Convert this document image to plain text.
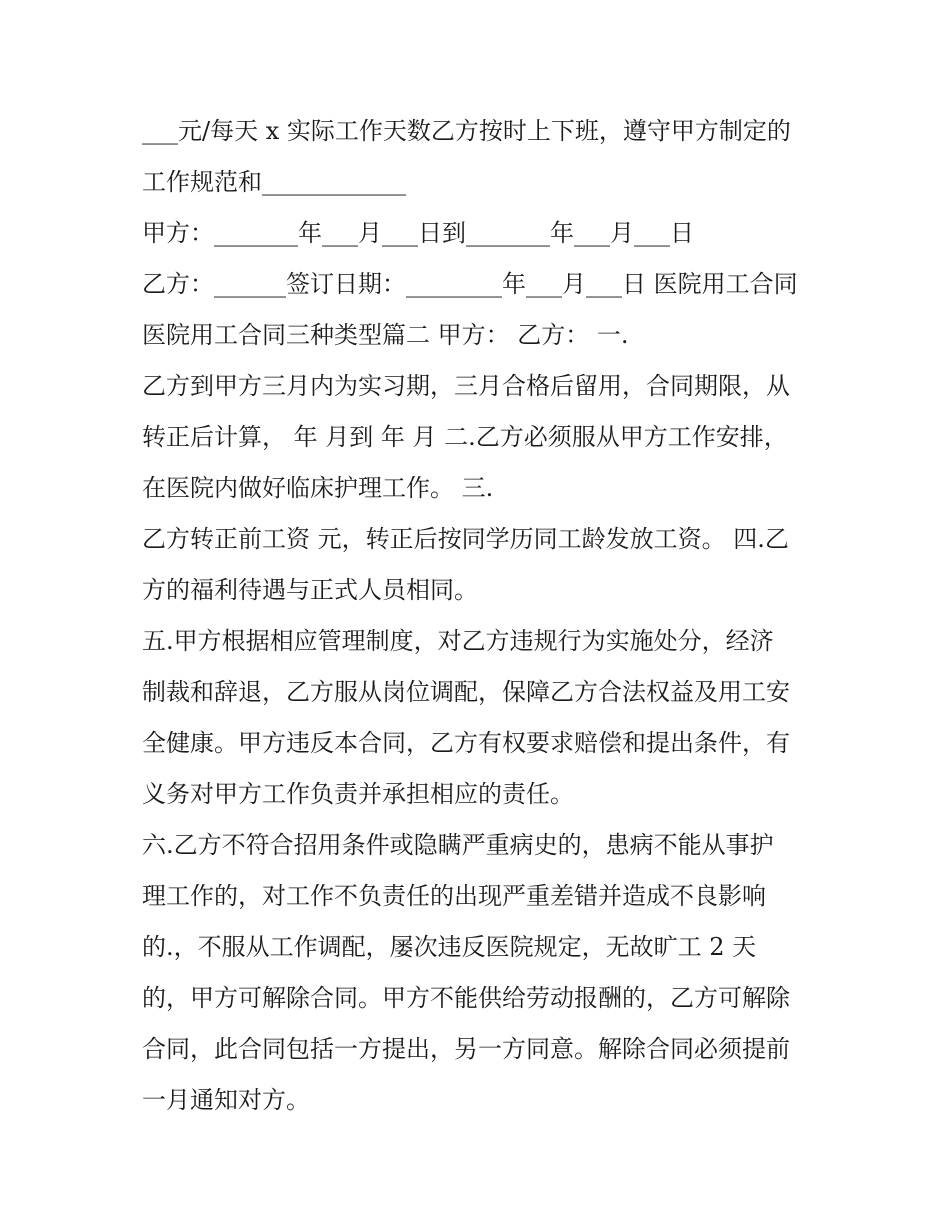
___元/每天 x 实际工作天数乙方按时上下班，遵守甲方制定的
工作规范和____________
甲方：_______年___月___日到_______年___月___日
乙方：______签订日期：________年___月___日 医院用工合同
医院用工合同三种类型篇二 甲方： 乙方： 一.
乙方到甲方三月内为实习期，三月合格后留用，合同期限，从
转正后计算， 年 月到 年 月 二.乙方必须服从甲方工作安排，
在医院内做好临床护理工作。 三.
乙方转正前工资 元，转正后按同学历同工龄发放工资。 四.乙
方的福利待遇与正式人员相同。
五.甲方根据相应管理制度，对乙方违规行为实施处分，经济
制裁和辞退，乙方服从岗位调配，保障乙方合法权益及用工安
全健康。甲方违反本合同，乙方有权要求赔偿和提出条件，有
义务对甲方工作负责并承担相应的责任。
六.乙方不符合招用条件或隐瞒严重病史的，患病不能从事护
理工作的，对工作不负责任的出现严重差错并造成不良影响
的.，不服从工作调配，屡次违反医院规定，无故旷工 2 天
的，甲方可解除合同。甲方不能供给劳动报酬的，乙方可解除
合同，此合同包括一方提出，另一方同意。解除合同必须提前
一月通知对方。
